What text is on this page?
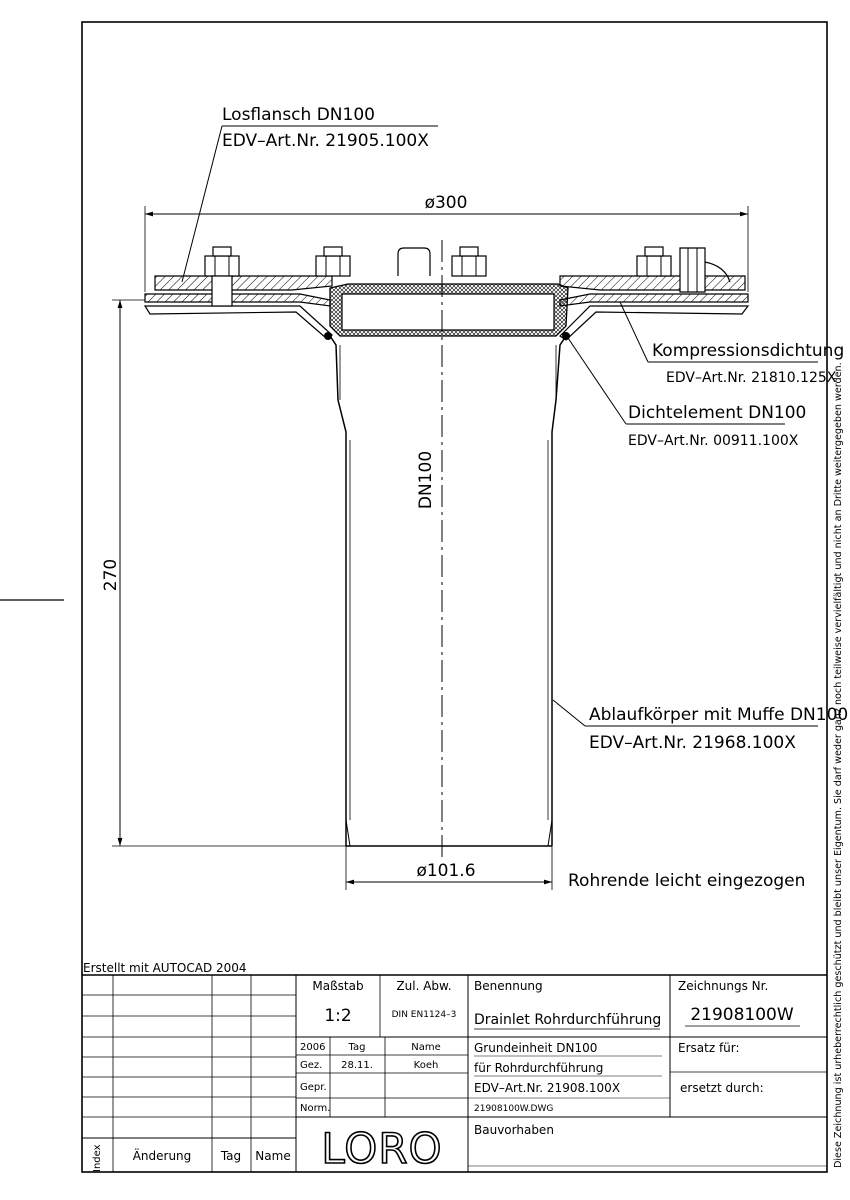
ø300
270
ø101.6
DN100
Losflansch DN100
EDV–Art.Nr. 21905.100X
Kompressionsdichtung
EDV–Art.Nr. 21810.125X
Dichtelement DN100
EDV–Art.Nr. 00911.100X
Ablaufkörper mit Muffe DN100
EDV–Art.Nr. 21968.100X
Rohrende leicht eingezogen	Diese Zeichnung ist urheberrechtlich geschützt und bleibt unser Eigentum. Sie darf weder ganz noch teilweise vervielfältigt und nicht an Dritte weitergegeben werden.
Erstellt mit AUTOCAD 2004
Index Änderung Tag Name
Maßstab
1:2
Zul. Abw.
DIN EN1124–3
Benennung
Drainlet Rohrdurchführung
Zeichnungs Nr.
21908100W
2006 Tag	Name
Gez. 28.11.	Koeh
Gepr.
Norm.
Grundeinheit DN100
für Rohrdurchführung
EDV–Art.Nr. 21908.100X
21908100W.DWG
Ersatz für:
ersetzt durch:
Bauvorhaben
LORO
